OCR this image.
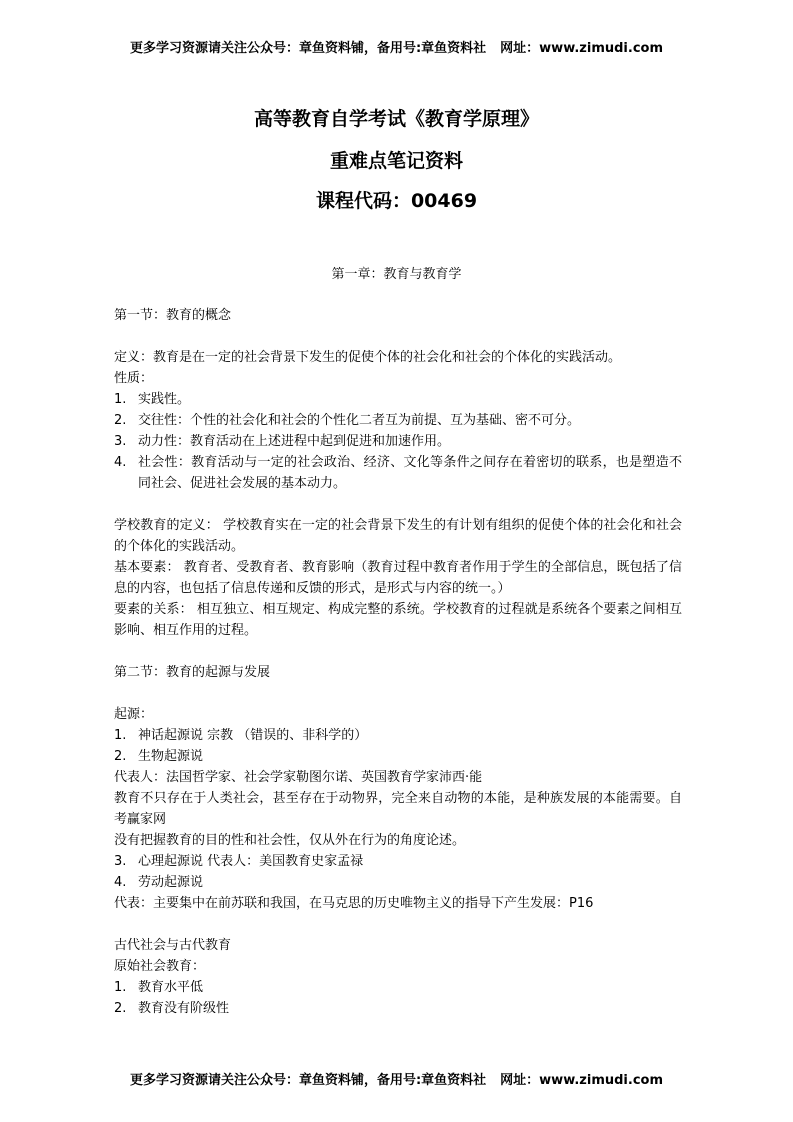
更多学习资源请关注公众号：章鱼资料铺，备用号:章鱼资料社 网址：www.zimudi.com
高等教育自学考试《教育学原理》
重难点笔记资料
课程代码：00469
第一章：教育与教育学

第一节：教育的概念

定义：教育是在一定的社会背景下发生的促使个体的社会化和社会的个体化的实践活动。

性质：

1. 实践性。
2. 交往性：个性的社会化和社会的个性化二者互为前提、互为基础、密不可分。
3. 动力性：教育活动在上述进程中起到促进和加速作用。
4. 社会性：教育活动与一定的社会政治、经济、文化等条件之间存在着密切的联系，也是塑造不同社会、促进社会发展的基本动力。

学校教育的定义： 学校教育实在一定的社会背景下发生的有计划有组织的促使个体的社会化和社会的个体化的实践活动。

基本要素： 教育者、受教育者、教育影响（教育过程中教育者作用于学生的全部信息，既包括了信息的内容，也包括了信息传递和反馈的形式，是形式与内容的统一。）

要素的关系： 相互独立、相互规定、构成完整的系统。学校教育的过程就是系统各个要素之间相互影响、相互作用的过程。

第二节：教育的起源与发展

起源：

1. 神话起源说 宗教 （错误的、非科学的）
2. 生物起源说

代表人：法国哲学家、社会学家勒图尔诺、英国教育学家沛西·能

教育不只存在于人类社会，甚至存在于动物界，完全来自动物的本能，是种族发展的本能需要。自考赢家网

没有把握教育的目的性和社会性，仅从外在行为的角度论述。

3. 心理起源说 代表人：美国教育史家孟禄
4. 劳动起源说

代表：主要集中在前苏联和我国，在马克思的历史唯物主义的指导下产生发展：P16

古代社会与古代教育

原始社会教育：

1. 教育水平低
2. 教育没有阶级性
更多学习资源请关注公众号：章鱼资料铺，备用号:章鱼资料社 网址：www.zimudi.com
